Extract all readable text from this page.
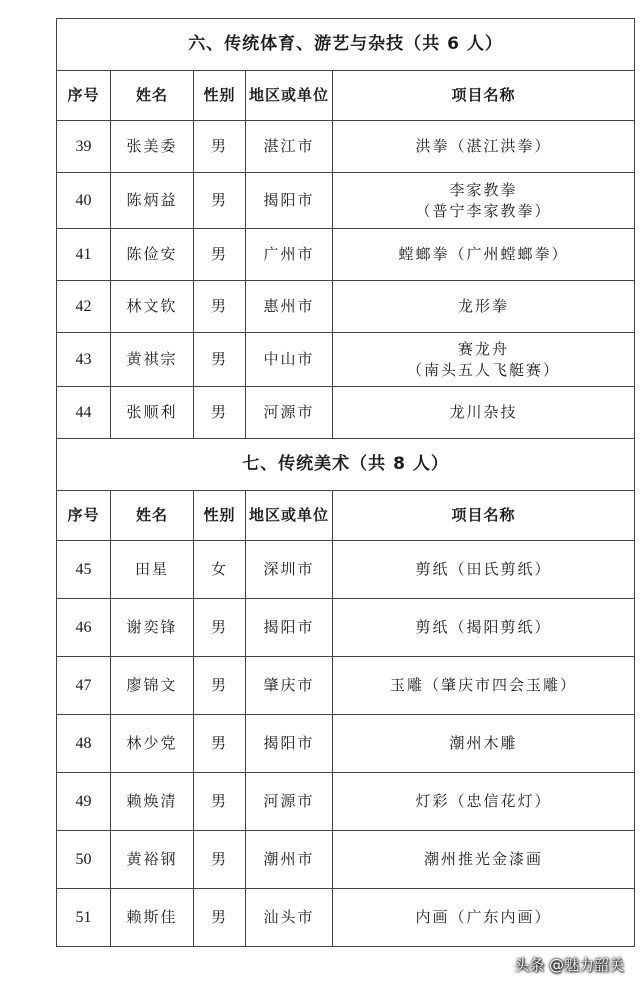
六、传统体育、游艺与杂技（共 6 人）				
序号	姓名	性别	地区或单位	项目名称
39	张美委	男	湛江市	洪拳（湛江洪拳）

40	陈炳益	男	揭阳市	李家教拳
（普宁李家教拳）

41	陈俭安	男	广州市	螳螂拳（广州螳螂拳）

42	林文钦	男	惠州市	龙形拳

43	黄祺宗	男	中山市	赛龙舟
（南头五人飞艇赛）

44	张顺利	男	河源市	龙川杂技

七、传统美术（共 8 人）				
序号	姓名	性别	地区或单位	项目名称
45	田星	女	深圳市	剪纸（田氏剪纸）

46	谢奕锋	男	揭阳市	剪纸（揭阳剪纸）

47	廖锦文	男	肇庆市	玉雕（肇庆市四会玉雕）

48	林少党	男	揭阳市	潮州木雕

49	赖焕清	男	河源市	灯彩（忠信花灯）

50	黄裕钢	男	潮州市	潮州推光金漆画

51	赖斯佳	男	汕头市	内画（广东内画）
头条 @魅力韶关
